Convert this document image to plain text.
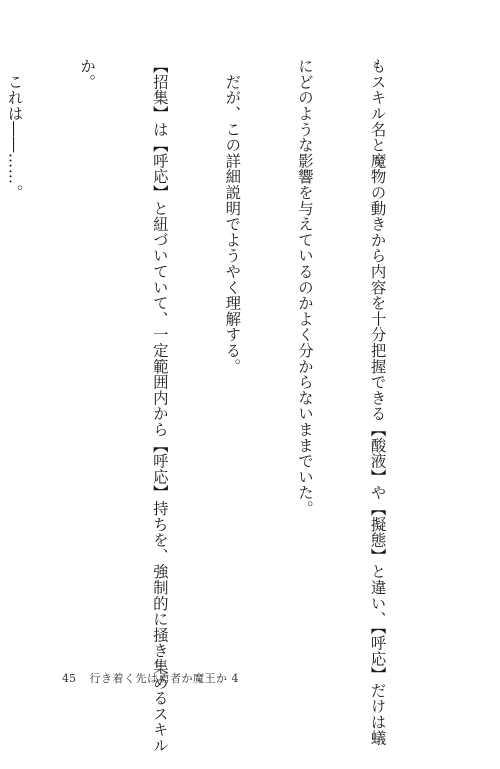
もスキル名と魔物の動きから内容を十分把握できる【酸液】や【擬態】と違い、【呼応】だけは蟻

にどのような影響を与えているのかよく分からないままでいた。

　だが、この詳細説明でようやく理解する。

【招集】は【呼応】と紐づいていて、一定範囲内から【呼応】持ちを、強制的に掻き集めるスキル

か。

　これは――……。

45 行き着く先は勇者か魔王か 4
